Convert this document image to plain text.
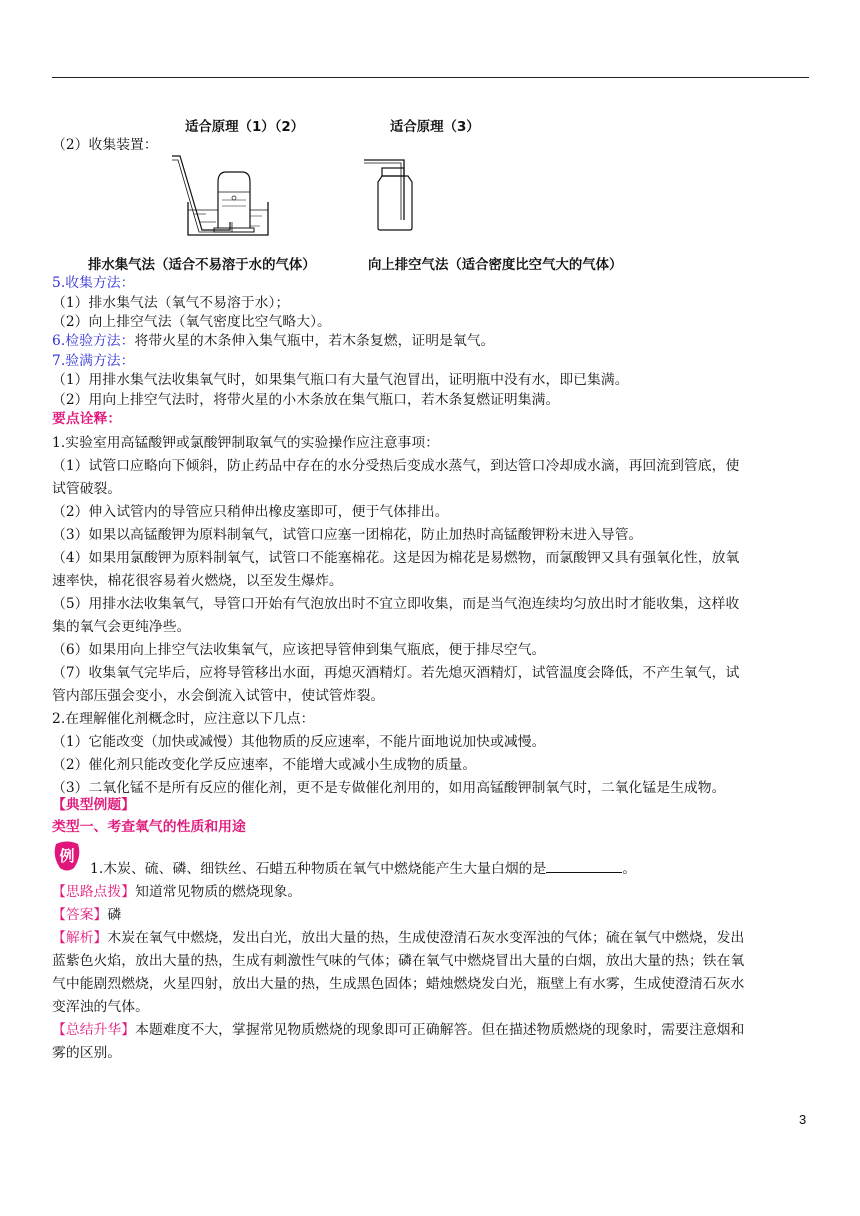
适合原理（1）（2）	适合原理（3）
（2）收集装置：
排水集气法（适合不易溶于水的气体）	向上排空气法（适合密度比空气大的气体）
5.收集方法：
（1）排水集气法（氧气不易溶于水）；
（2）向上排空气法（氧气密度比空气略大）。
6.检验方法：将带火星的木条伸入集气瓶中，若木条复燃，证明是氧气。
7.验满方法：
（1）用排水集气法收集氧气时，如果集气瓶口有大量气泡冒出，证明瓶中没有水，即已集满。
（2）用向上排空气法时，将带火星的小木条放在集气瓶口，若木条复燃证明集满。
要点诠释：
1.实验室用高锰酸钾或氯酸钾制取氧气的实验操作应注意事项：
（1）试管口应略向下倾斜，防止药品中存在的水分受热后变成水蒸气，到达管口冷却成水滴，再回流到管底，使
试管破裂。
（2）伸入试管内的导管应只稍伸出橡皮塞即可，便于气体排出。
（3）如果以高锰酸钾为原料制氧气，试管口应塞一团棉花，防止加热时高锰酸钾粉末进入导管。
（4）如果用氯酸钾为原料制氧气，试管口不能塞棉花。这是因为棉花是易燃物，而氯酸钾又具有强氧化性，放氧
速率快，棉花很容易着火燃烧，以至发生爆炸。
（5）用排水法收集氧气，导管口开始有气泡放出时不宜立即收集，而是当气泡连续均匀放出时才能收集，这样收
集的氧气会更纯净些。
（6）如果用向上排空气法收集氧气，应该把导管伸到集气瓶底，便于排尽空气。
（7）收集氧气完毕后，应将导管移出水面，再熄灭酒精灯。若先熄灭酒精灯，试管温度会降低，不产生氧气，试
管内部压强会变小，水会倒流入试管中，使试管炸裂。
2.在理解催化剂概念时，应注意以下几点：
（1）它能改变（加快或减慢）其他物质的反应速率，不能片面地说加快或减慢。
（2）催化剂只能改变化学反应速率，不能增大或减小生成物的质量。
（3）二氧化锰不是所有反应的催化剂，更不是专做催化剂用的，如用高锰酸钾制氧气时，二氧化锰是生成物。
【典型例题】
类型一、考查氧气的性质和用途
例
1.木炭、硫、磷、细铁丝、石蜡五种物质在氧气中燃烧能产生大量白烟的是	。
【思路点拨】知道常见物质的燃烧现象。
【答案】磷
【解析】木炭在氧气中燃烧，发出白光，放出大量的热，生成使澄清石灰水变浑浊的气体；硫在氧气中燃烧，发出
蓝紫色火焰，放出大量的热，生成有刺激性气味的气体；磷在氧气中燃烧冒出大量的白烟，放出大量的热；铁在氧
气中能剧烈燃烧，火星四射，放出大量的热，生成黑色固体；蜡烛燃烧发白光，瓶壁上有水雾，生成使澄清石灰水
变浑浊的气体。
【总结升华】本题难度不大，掌握常见物质燃烧的现象即可正确解答。但在描述物质燃烧的现象时，需要注意烟和
雾的区别。
3
